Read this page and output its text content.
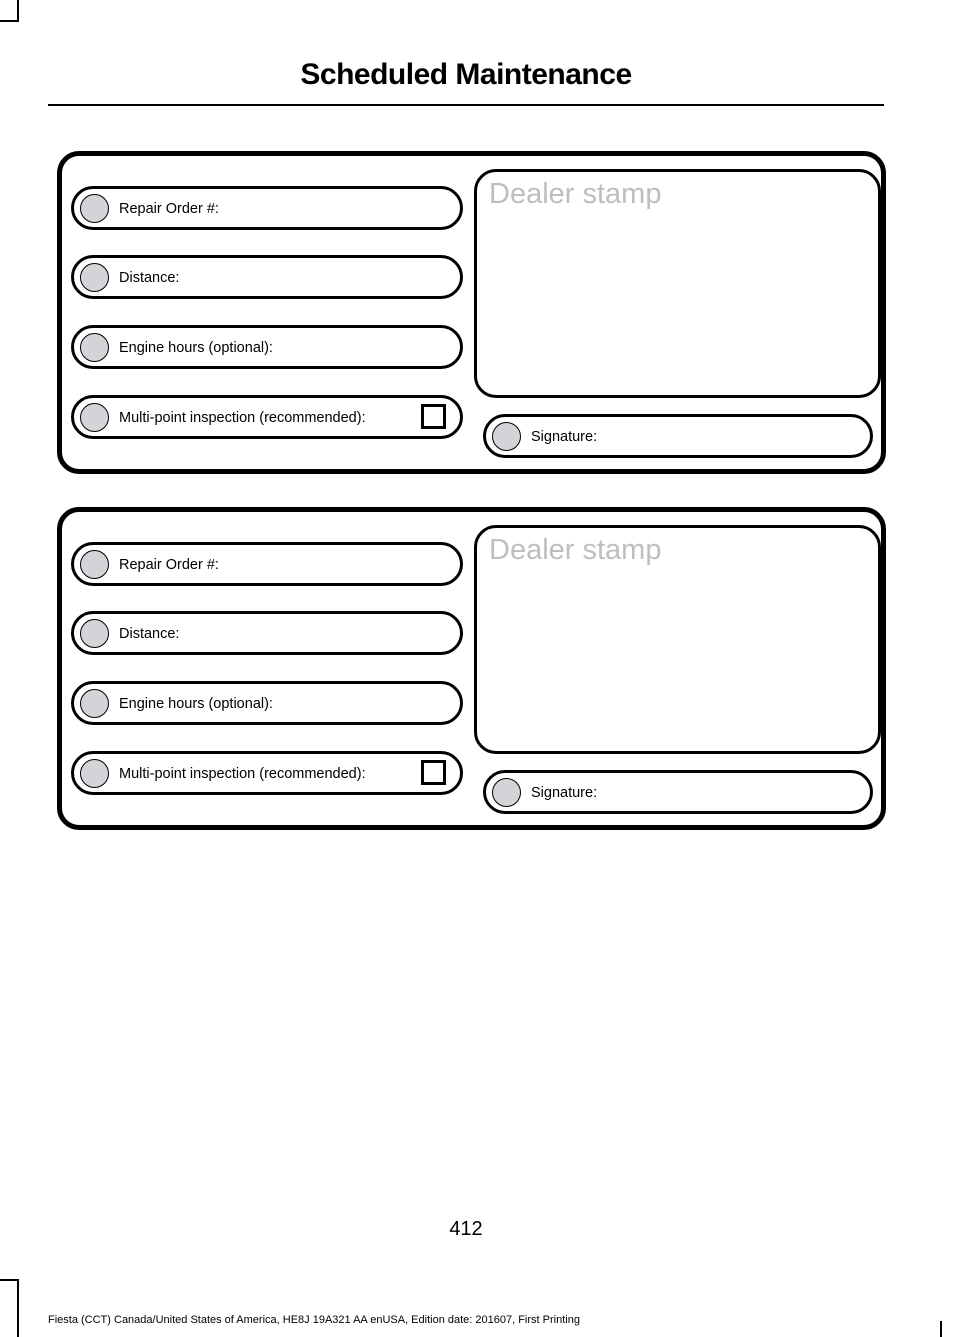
Scheduled Maintenance
Repair Order #:
Distance:
Engine hours (optional):
Multi-point inspection (recommended):
Dealer stamp
Signature:
Repair Order #:
Distance:
Engine hours (optional):
Multi-point inspection (recommended):
Dealer stamp
Signature:
412
Fiesta (CCT) Canada/United States of America, HE8J 19A321 AA enUSA, Edition date: 201607, First Printing
